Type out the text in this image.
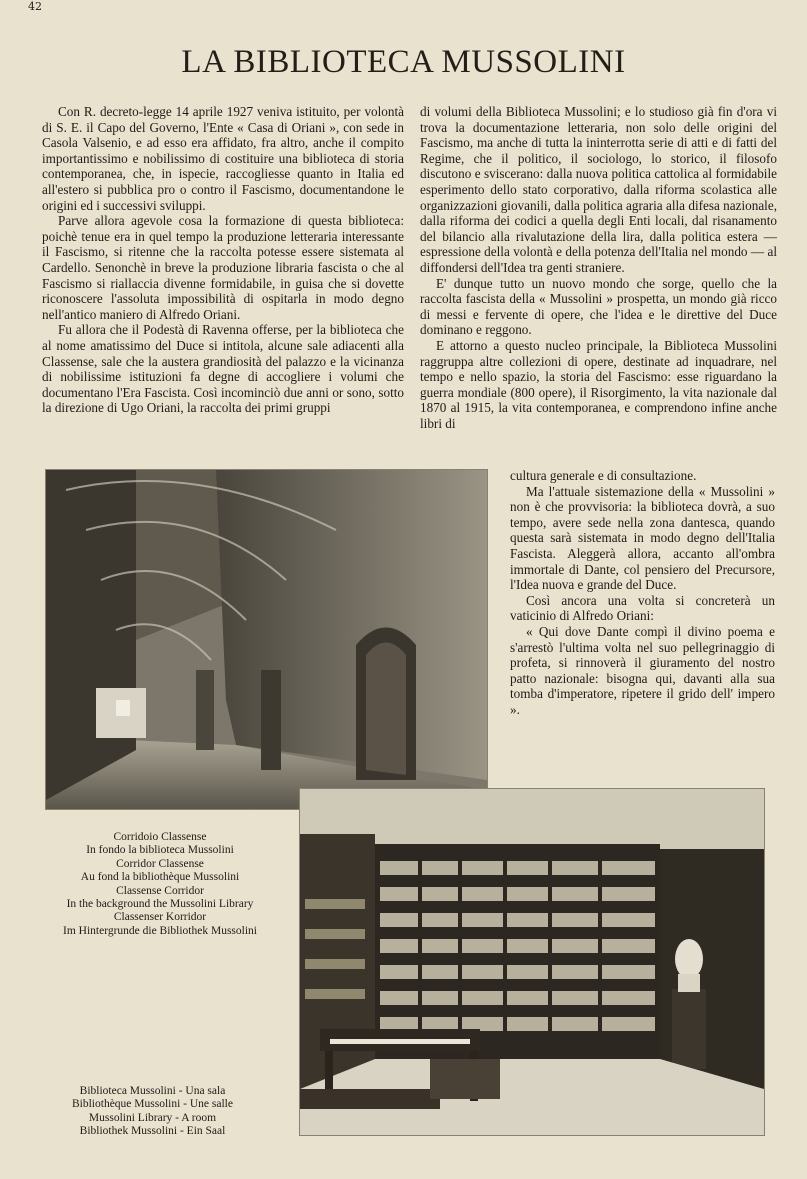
42
LA BIBLIOTECA MUSSOLINI

Con R. decreto-legge 14 aprile 1927 veniva istituito, per volontà di S. E. il Capo del Governo, l'Ente « Casa di Oriani », con sede in Casola Valsenio, e ad esso era affidato, fra altro, anche il compito importantissimo e nobilissimo di costituire una biblioteca di storia contemporanea, che, in ispecie, raccogliesse quanto in Italia ed all'estero si pubblica pro o contro il Fascismo, documentandone le origini ed i successivi sviluppi.

Parve allora agevole cosa la formazione di questa biblioteca: poichè tenue era in quel tempo la produzione letteraria interessante il Fascismo, si ritenne che la raccolta potesse essere sistemata al Cardello. Senonchè in breve la produzione libraria fascista o che al Fascismo si riallaccia divenne formidabile, in guisa che si dovette riconoscere l'assoluta impossibilità di ospitarla in modo degno nell'antico maniero di Alfredo Oriani.

Fu allora che il Podestà di Ravenna offerse, per la biblioteca che al nome amatissimo del Duce si intitola, alcune sale adiacenti alla Classense, sale che la austera grandiosità del palazzo e la vicinanza di nobilissime istituzioni fa degne di accogliere i volumi che documentano l'Era Fascista. Così incominciò due anni or sono, sotto la direzione di Ugo Oriani, la raccolta dei primi gruppi

di volumi della Biblioteca Mussolini; e lo studioso già fin d'ora vi trova la documentazione letteraria, non solo delle origini del Fascismo, ma anche di tutta la ininterrotta serie di atti e di fatti del Regime, che il politico, il sociologo, lo storico, il filosofo discutono e sviscerano: dalla nuova politica cattolica al formidabile esperimento dello stato corporativo, dalla riforma scolastica alle organizzazioni giovanili, dalla politica agraria alla difesa nazionale, dalla riforma dei codici a quella degli Enti locali, dal risanamento del bilancio alla rivalutazione della lira, dalla politica estera — espressione della volontà e della potenza dell'Italia nel mondo — al diffondersi dell'Idea tra genti straniere.

E' dunque tutto un nuovo mondo che sorge, quello che la raccolta fascista della « Mussolini » prospetta, un mondo già ricco di messi e fervente di opere, che l'idea e le direttive del Duce dominano e reggono.

E attorno a questo nucleo principale, la Biblioteca Mussolini raggruppa altre collezioni di opere, destinate ad inquadrare, nel tempo e nello spazio, la storia del Fascismo: esse riguardano la guerra mondiale (800 opere), il Risorgimento, la vita nazionale dal 1870 al 1915, la vita contemporanea, e comprendono infine anche libri di

cultura generale e di consultazione.

Ma l'attuale sistemazione della « Mussolini » non è che provvisoria: la biblioteca dovrà, a suo tempo, avere sede nella zona dantesca, quando questa sarà sistemata in modo degno dell'Italia Fascista. Aleggerà allora, accanto all'ombra immortale di Dante, col pensiero del Precursore, l'Idea nuova e grande del Duce.

Così ancora una volta si concreterà un vaticinio di Alfredo Oriani:

« Qui dove Dante compì il divino poema e s'arrestò l'ultima volta nel suo pellegrinaggio di profeta, si rinnoverà il giuramento del nostro patto nazionale: bisogna qui, davanti alla sua tomba d'imperatore, ripetere il grido dell' impero ».

Corridoio Classense
In fondo la biblioteca Mussolini
Corridor Classense
Au fond la bibliothèque Mussolini
Classense Corridor
In the background the Mussolini Library
Classenser Korridor
Im Hintergrunde die Bibliothek Mussolini
Biblioteca Mussolini - Una sala
Bibliothèque Mussolini - Une salle
Mussolini Library - A room
Bibliothek Mussolini - Ein Saal
